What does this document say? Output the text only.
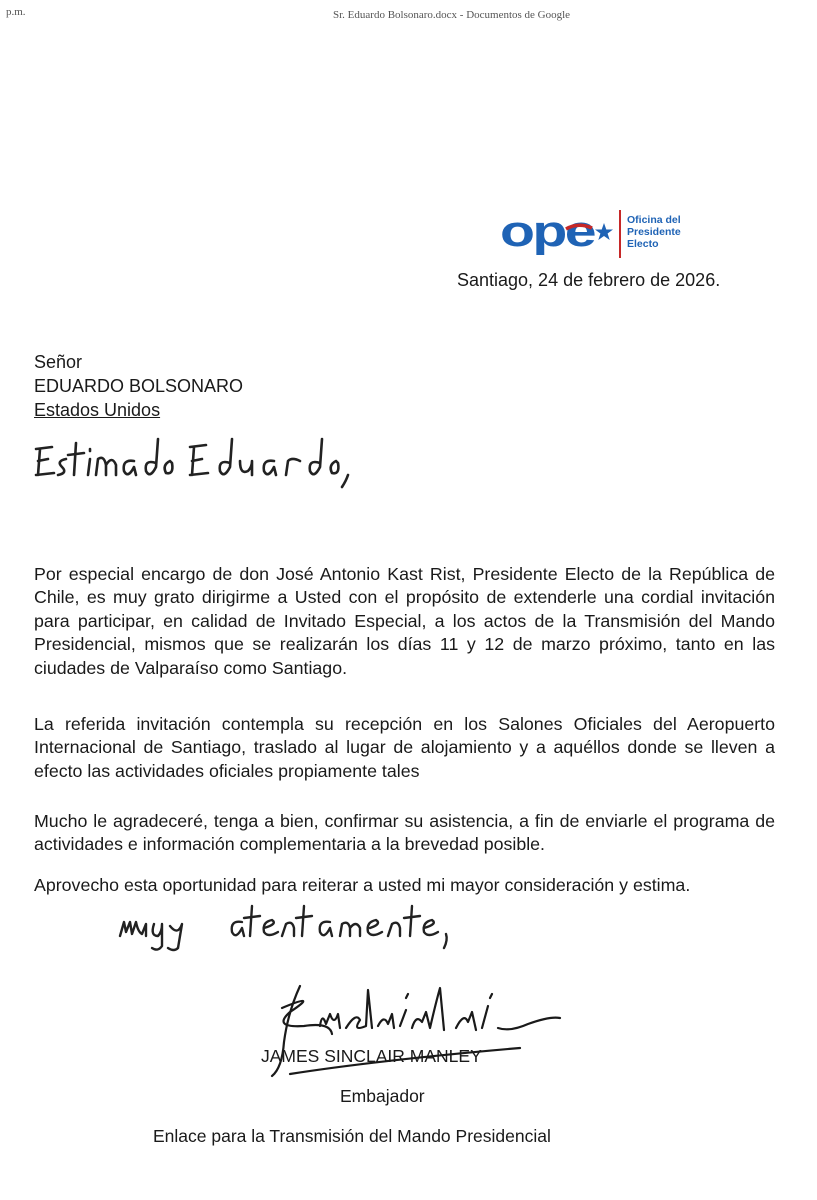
p.m.	Sr. Eduardo Bolsonaro.docx - Documentos de Google
ope	Oficina del
Presidente
Electo
Santiago, 24 de febrero de 2026.
Señor
EDUARDO BOLSONARO
Estados Unidos
Estimado Eduardo,

Por especial encargo de don José Antonio Kast Rist, Presidente Electo de la República de Chile, es muy grato dirigirme a Usted con el propósito de extenderle una cordial invitación para participar, en calidad de Invitado Especial, a los actos de la Transmisión del Mando Presidencial, mismos que se realizarán los días 11 y 12 de marzo próximo, tanto en las ciudades de Valparaíso como Santiago.

La referida invitación contempla su recepción en los Salones Oficiales del Aeropuerto Internacional de Santiago, traslado al lugar de alojamiento y a aquéllos donde se lleven a efecto las actividades oficiales propiamente tales

Mucho le agradeceré, tenga a bien, confirmar su asistencia, a fin de enviarle el programa de actividades e información complementaria a la brevedad posible.

Aprovecho esta oportunidad para reiterar a usted mi mayor consideración y estima.

Muy atentamente,
JAMES SINCLAIR MANLEY
Embajador
Enlace para la Transmisión del Mando Presidencial
